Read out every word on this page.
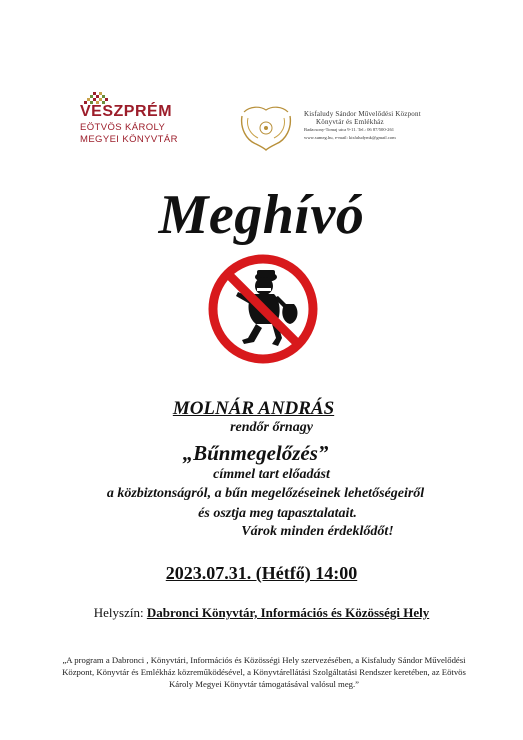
VESZPRÉM
EÖTVÖS KÁROLY
MEGYEI KÖNYVTÁR
Kisfaludy Sándor Művelődési Központ
Könyvtár és Emlékház
Badacsony-Tomaj utca 9-11. Tel.: 06 87/500-261
www.sumeg.hu, e-mail: kisfaludymk@gmail.com
Meghívó
MOLNÁR ANDRÁS
rendőr őrnagy
„Bűnmegelőzés”
címmel tart előadást
a közbiztonságról, a bűn megelőzéseinek lehetőségeiről
és osztja meg tapasztalatait.
Várok minden érdeklődőt!
2023.07.31. (Hétfő) 14:00
Helyszín: Dabronci Könyvtár, Információs és Közösségi Hely
„A program a Dabronci , Könyvtári, Információs és Közösségi Hely szervezésében, a Kisfaludy Sándor Művelődési Központ, Könyvtár és Emlékház közreműködésével, a Könyvtárellátási Szolgáltatási Rendszer keretében, az Eötvös Károly Megyei Könyvtár támogatásával valósul meg.”
